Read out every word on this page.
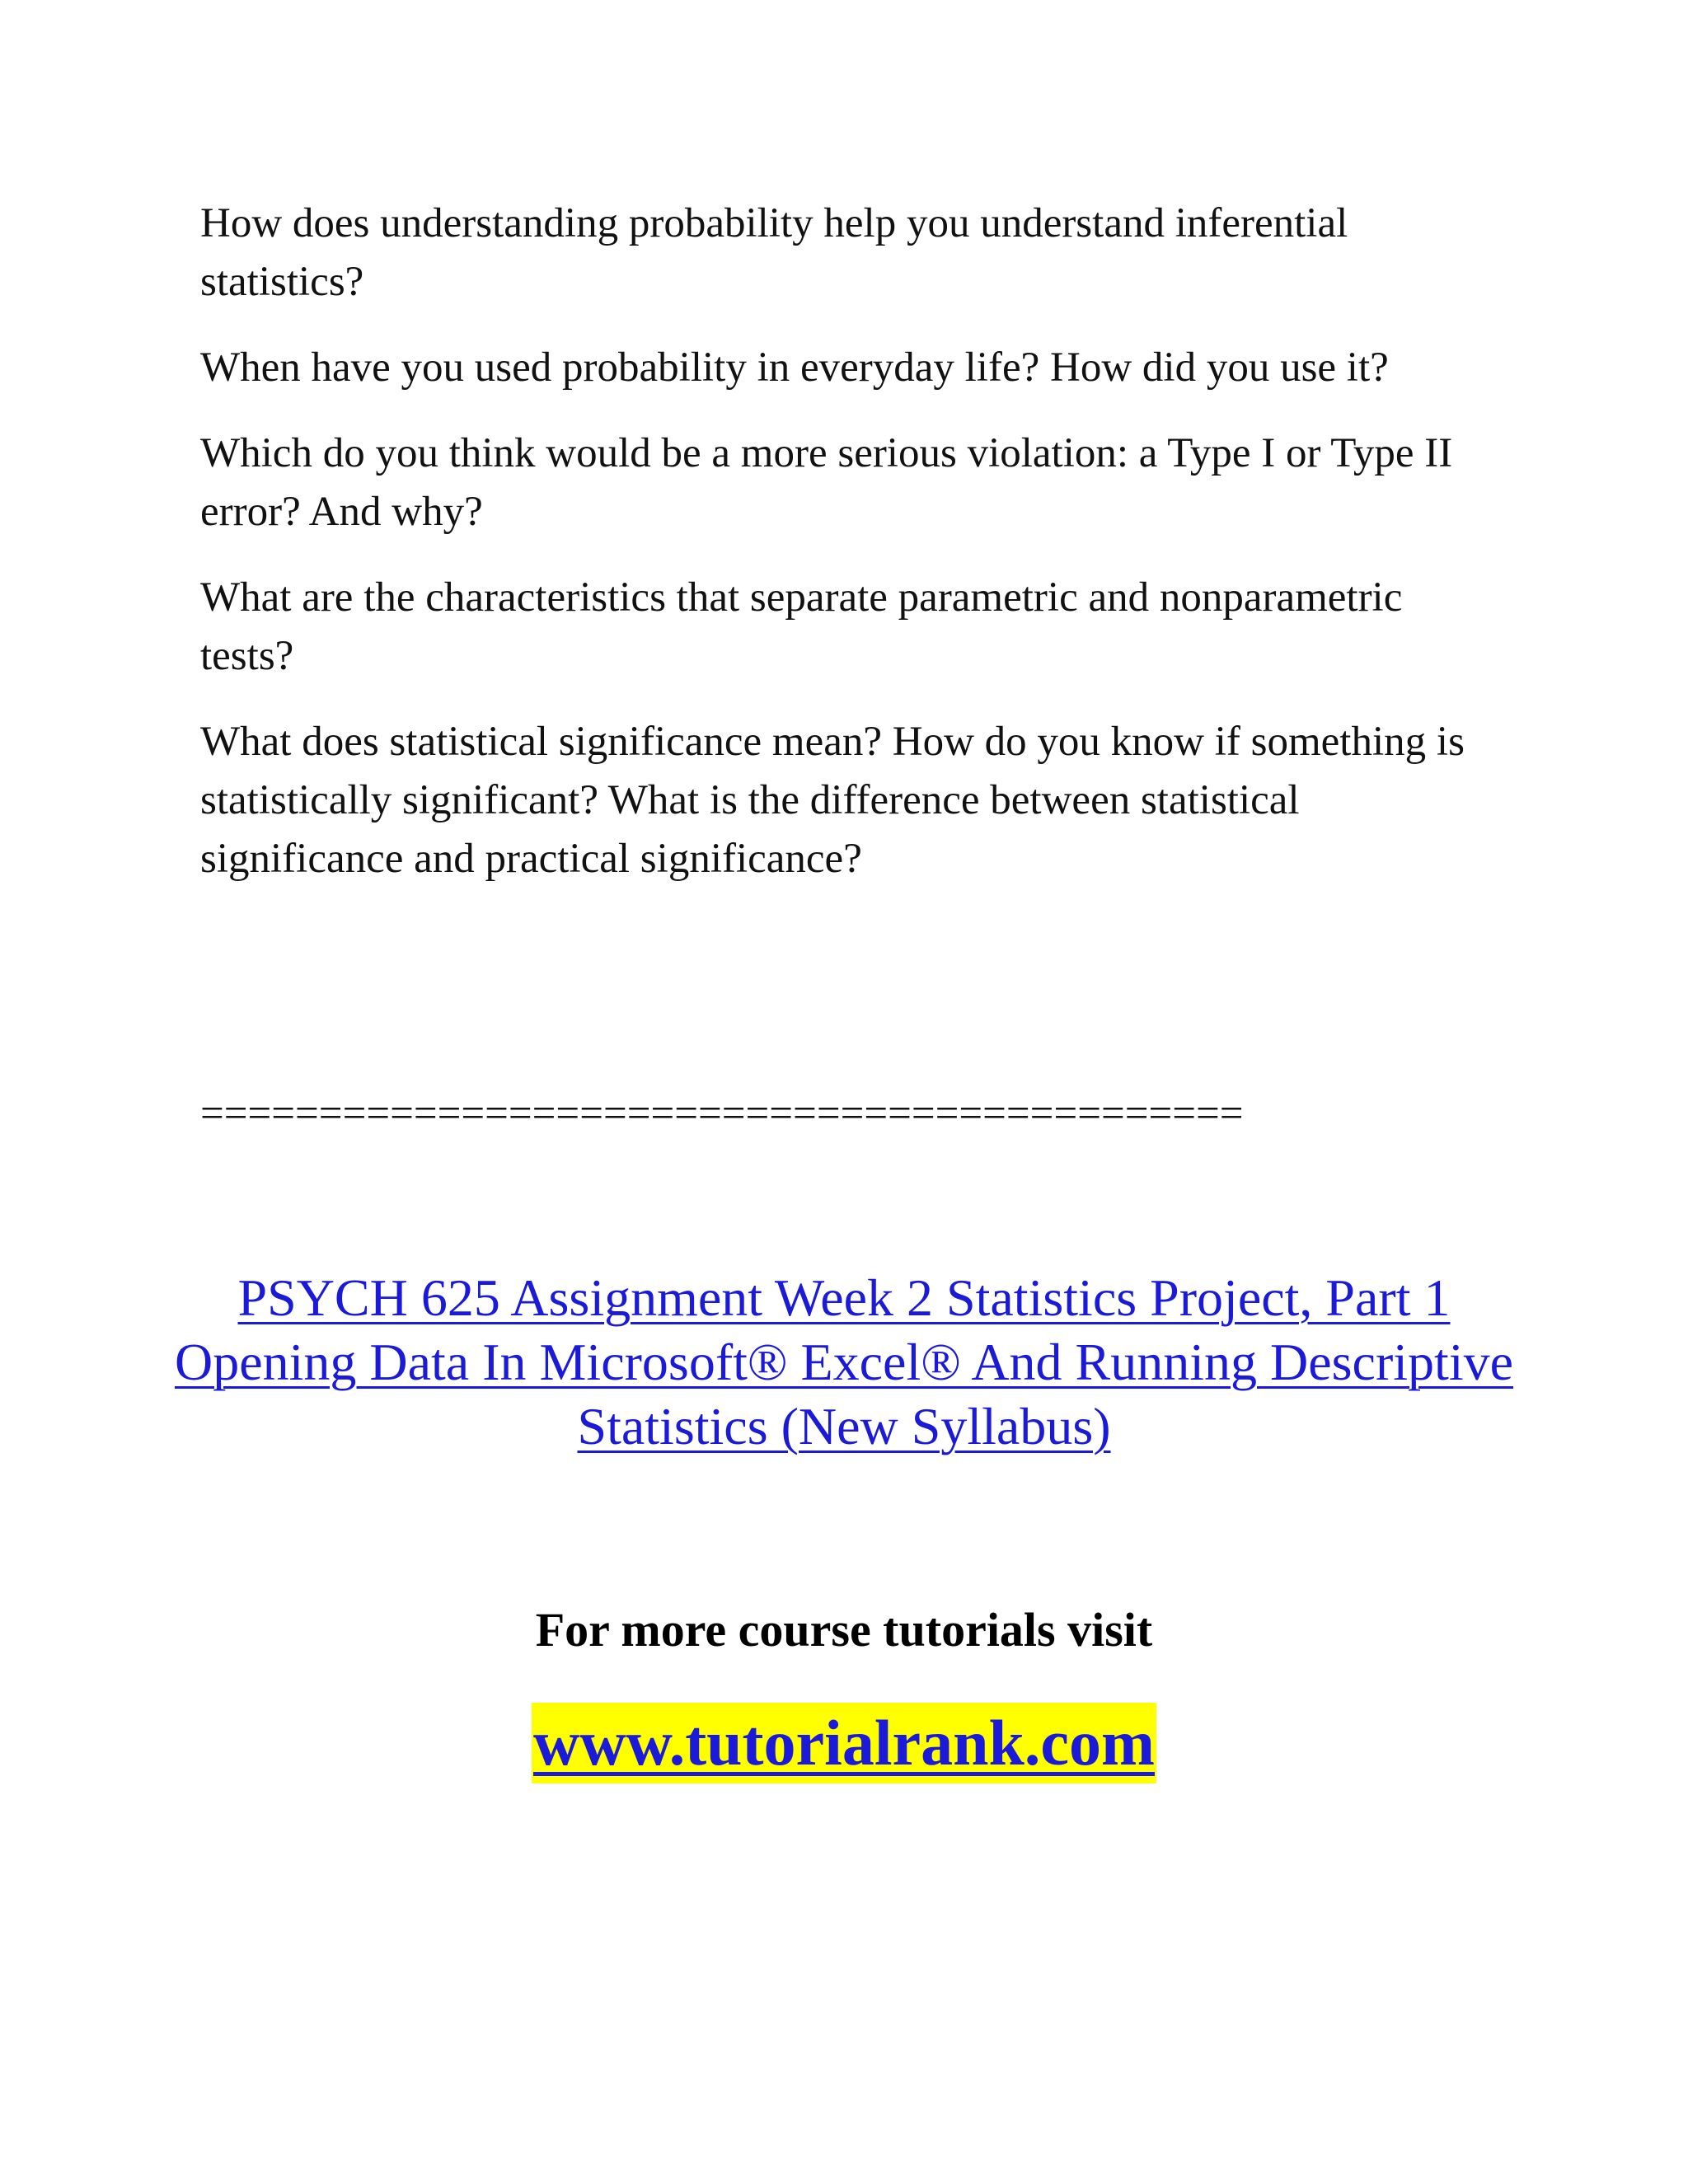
How does understanding probability help you understand inferential statistics?

When have you used probability in everyday life? How did you use it?

Which do you think would be a more serious violation: a Type I or Type II error? And why?

What are the characteristics that separate parametric and nonparametric tests?

What does statistical significance mean? How do you know if something is statistically significant? What is the difference between statistical significance and practical significance?

============================================
PSYCH 625 Assignment Week 2 Statistics Project, Part 1 Opening Data In Microsoft® Excel® And Running Descriptive Statistics (New Syllabus)
For more course tutorials visit
www.tutorialrank.com
